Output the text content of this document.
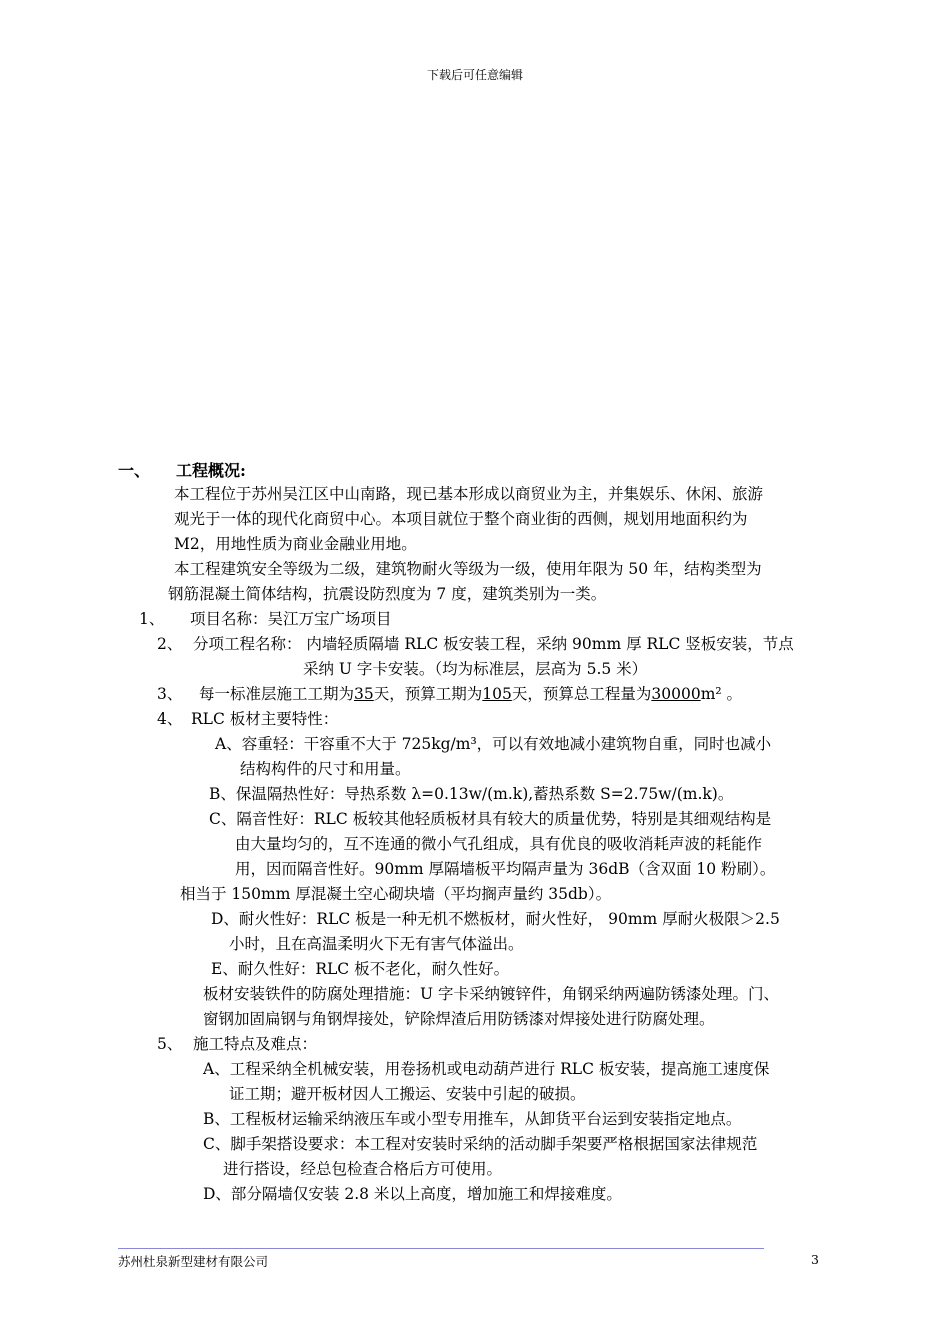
下载后可任意编辑
一、 工程概况:
本工程位于苏州吴江区中山南路，现已基本形成以商贸业为主，并集娱乐、休闲、旅游
观光于一体的现代化商贸中心。本项目就位于整个商业街的西侧，规划用地面积约为
M2，用地性质为商业金融业用地。
本工程建筑安全等级为二级，建筑物耐火等级为一级，使用年限为 50 年，结构类型为
钢筋混凝土简体结构，抗震设防烈度为 7 度，建筑类别为一类。
1、 项目名称：吴江万宝广场项目
2、 分项工程名称： 内墙轻质隔墙 RLC 板安装工程，采纳 90mm 厚 RLC 竖板安装，节点
采纳 U 字卡安装。（均为标准层，层高为 5.5 米）
3、 每一标准层施工工期为35天，预算工期为105天，预算总工程量为30000m² 。
4、 RLC 板材主要特性：
A、容重轻：干容重不大于 725kg/m³，可以有效地减小建筑物自重，同时也减小
结构构件的尺寸和用量。
B、保温隔热性好：导热系数 λ=0.13w/(m.k),蓄热系数 S=2.75w/(m.k)。
C、隔音性好：RLC 板较其他轻质板材具有较大的质量优势，特别是其细观结构是
由大量均匀的，互不连通的微小气孔组成，具有优良的吸收消耗声波的耗能作
用，因而隔音性好。90mm 厚隔墙板平均隔声量为 36dB（含双面 10 粉刷）。
相当于 150mm 厚混凝土空心砌块墙（平均搁声量约 35db）。
D、耐火性好：RLC 板是一种无机不燃板材，耐火性好， 90mm 厚耐火极限＞2.5
小时，且在高温柔明火下无有害气体溢出。
E、耐久性好：RLC 板不老化，耐久性好。
板材安装铁件的防腐处理措施：U 字卡采纳镀锌件，角钢采纳两遍防锈漆处理。门、
窗钢加固扁钢与角钢焊接处，铲除焊渣后用防锈漆对焊接处进行防腐处理。
5、 施工特点及难点：
A、工程采纳全机械安装，用卷扬机或电动葫芦进行 RLC 板安装，提高施工速度保
证工期；避开板材因人工搬运、安装中引起的破损。
B、工程板材运输采纳液压车或小型专用推车，从卸货平台运到安装指定地点。
C、脚手架搭设要求：本工程对安装时采纳的活动脚手架要严格根据国家法律规范
进行搭设，经总包检查合格后方可使用。
D、部分隔墙仅安装 2.8 米以上高度，增加施工和焊接难度。
苏州杜泉新型建材有限公司	3
